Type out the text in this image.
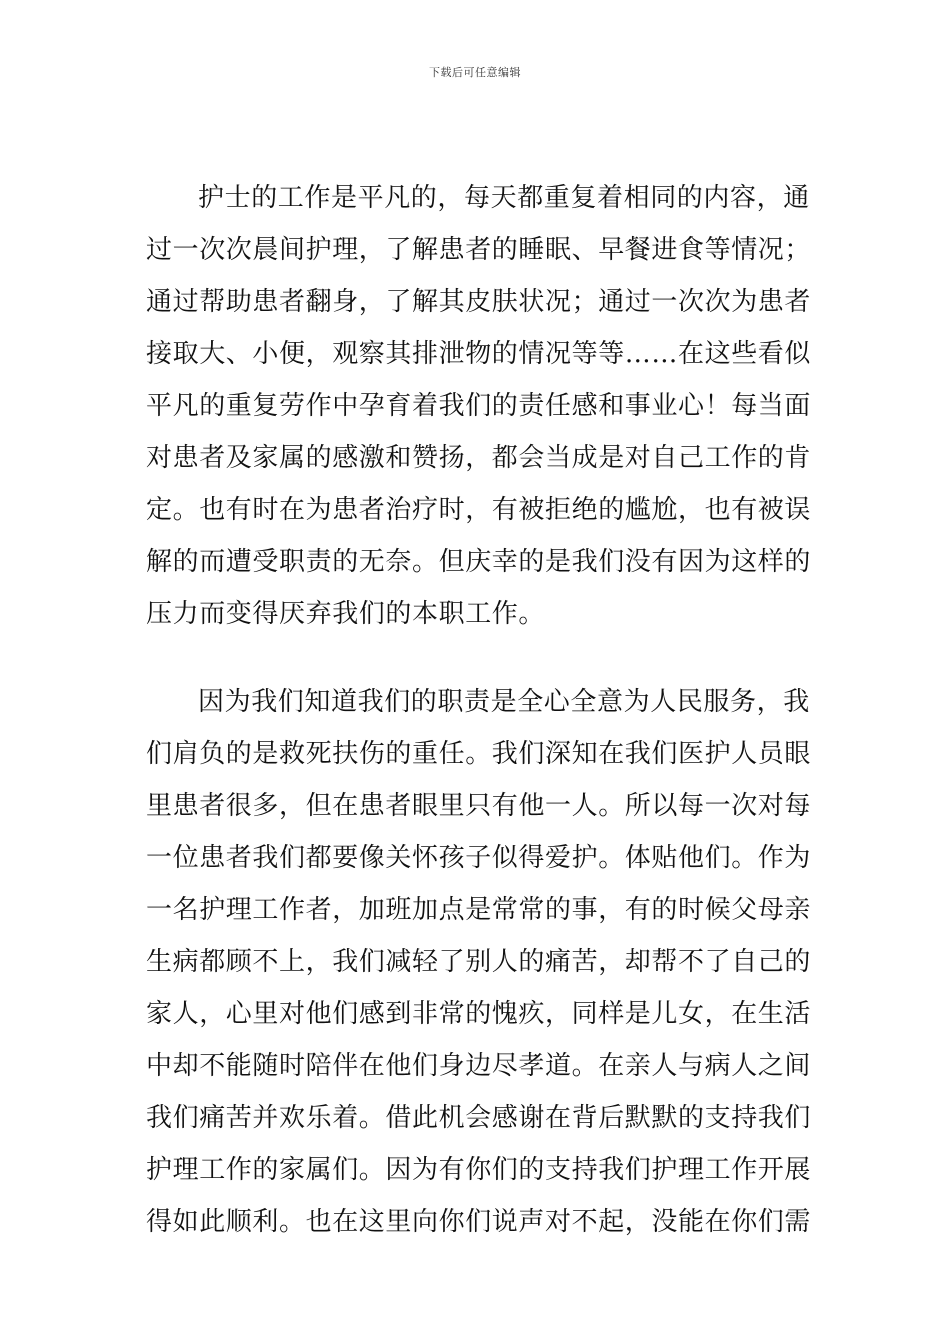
下载后可任意编辑
护士的工作是平凡的，每天都重复着相同的内容，通
过一次次晨间护理，了解患者的睡眠、早餐进食等情况；
通过帮助患者翻身，了解其皮肤状况；通过一次次为患者
接取大、小便，观察其排泄物的情况等等……在这些看似
平凡的重复劳作中孕育着我们的责任感和事业心！每当面
对患者及家属的感激和赞扬，都会当成是对自己工作的肯
定。也有时在为患者治疗时，有被拒绝的尴尬，也有被误
解的而遭受职责的无奈。但庆幸的是我们没有因为这样的
压力而变得厌弃我们的本职工作。
因为我们知道我们的职责是全心全意为人民服务，我
们肩负的是救死扶伤的重任。我们深知在我们医护人员眼
里患者很多，但在患者眼里只有他一人。所以每一次对每
一位患者我们都要像关怀孩子似得爱护。体贴他们。作为
一名护理工作者，加班加点是常常的事，有的时候父母亲
生病都顾不上，我们减轻了别人的痛苦，却帮不了自己的
家人，心里对他们感到非常的愧疚，同样是儿女，在生活
中却不能随时陪伴在他们身边尽孝道。在亲人与病人之间
我们痛苦并欢乐着。借此机会感谢在背后默默的支持我们
护理工作的家属们。因为有你们的支持我们护理工作开展
得如此顺利。也在这里向你们说声对不起，没能在你们需
